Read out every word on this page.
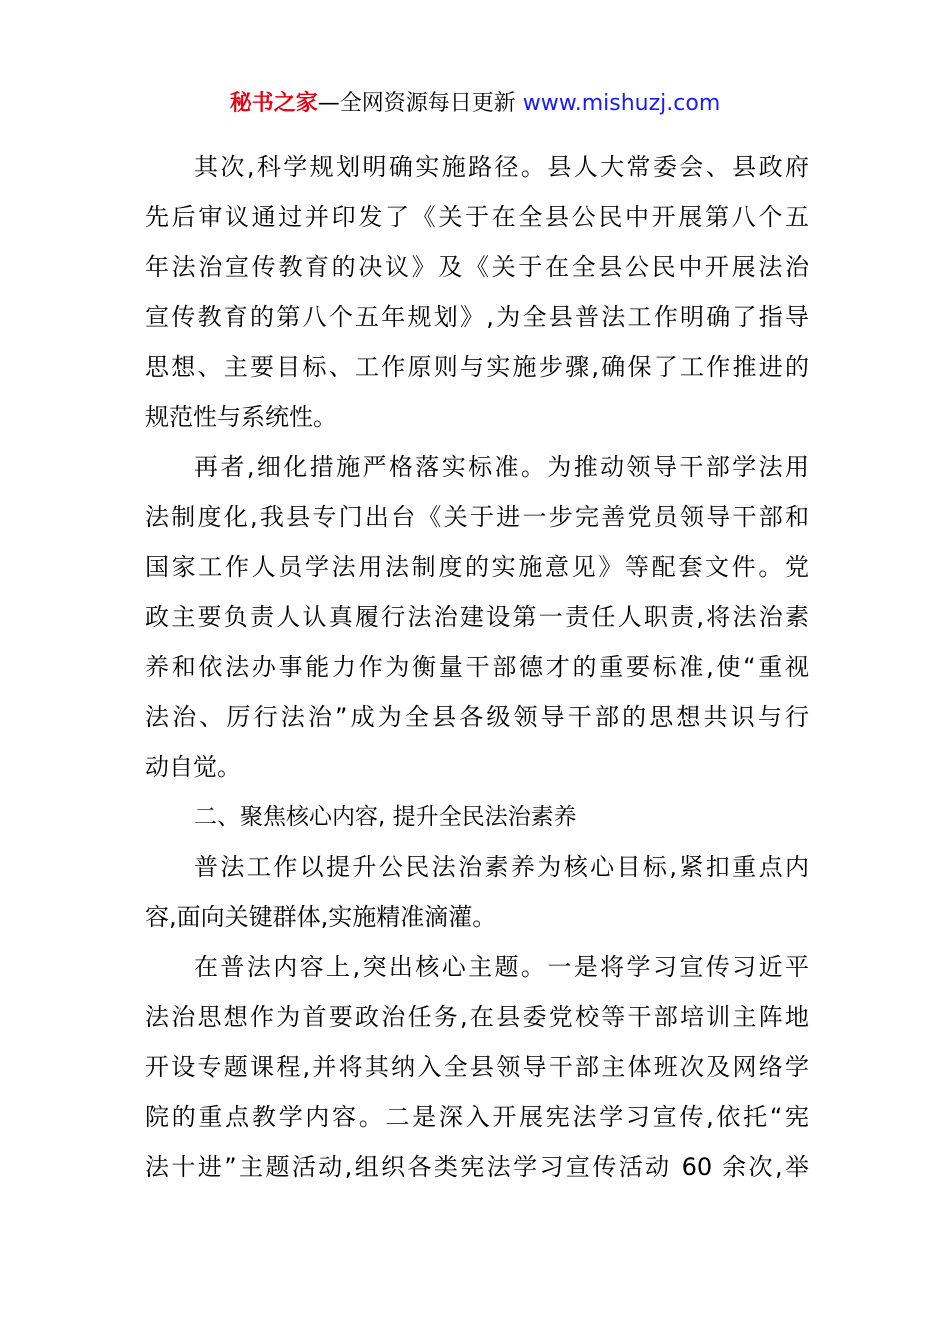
秘书之家—全网资源每日更新 www.mishuzj.com
其次,科学规划明确实施路径。县人大常委会、县政府
先后审议通过并印发了《关于在全县公民中开展第八个五
年法治宣传教育的决议》及《关于在全县公民中开展法治
宣传教育的第八个五年规划》,为全县普法工作明确了指导
思想、主要目标、工作原则与实施步骤,确保了工作推进的
规范性与系统性。
再者,细化措施严格落实标准。为推动领导干部学法用
法制度化,我县专门出台《关于进一步完善党员领导干部和
国家工作人员学法用法制度的实施意见》等配套文件。党
政主要负责人认真履行法治建设第一责任人职责,将法治素
养和依法办事能力作为衡量干部德才的重要标准,使“重视
法治、厉行法治”成为全县各级领导干部的思想共识与行
动自觉。
二、聚焦核心内容, 提升全民法治素养
普法工作以提升公民法治素养为核心目标,紧扣重点内
容,面向关键群体,实施精准滴灌。
在普法内容上,突出核心主题。一是将学习宣传习近平
法治思想作为首要政治任务,在县委党校等干部培训主阵地
开设专题课程,并将其纳入全县领导干部主体班次及网络学
院的重点教学内容。二是深入开展宪法学习宣传,依托“宪
法十进”主题活动,组织各类宪法学习宣传活动 60 余次,举
